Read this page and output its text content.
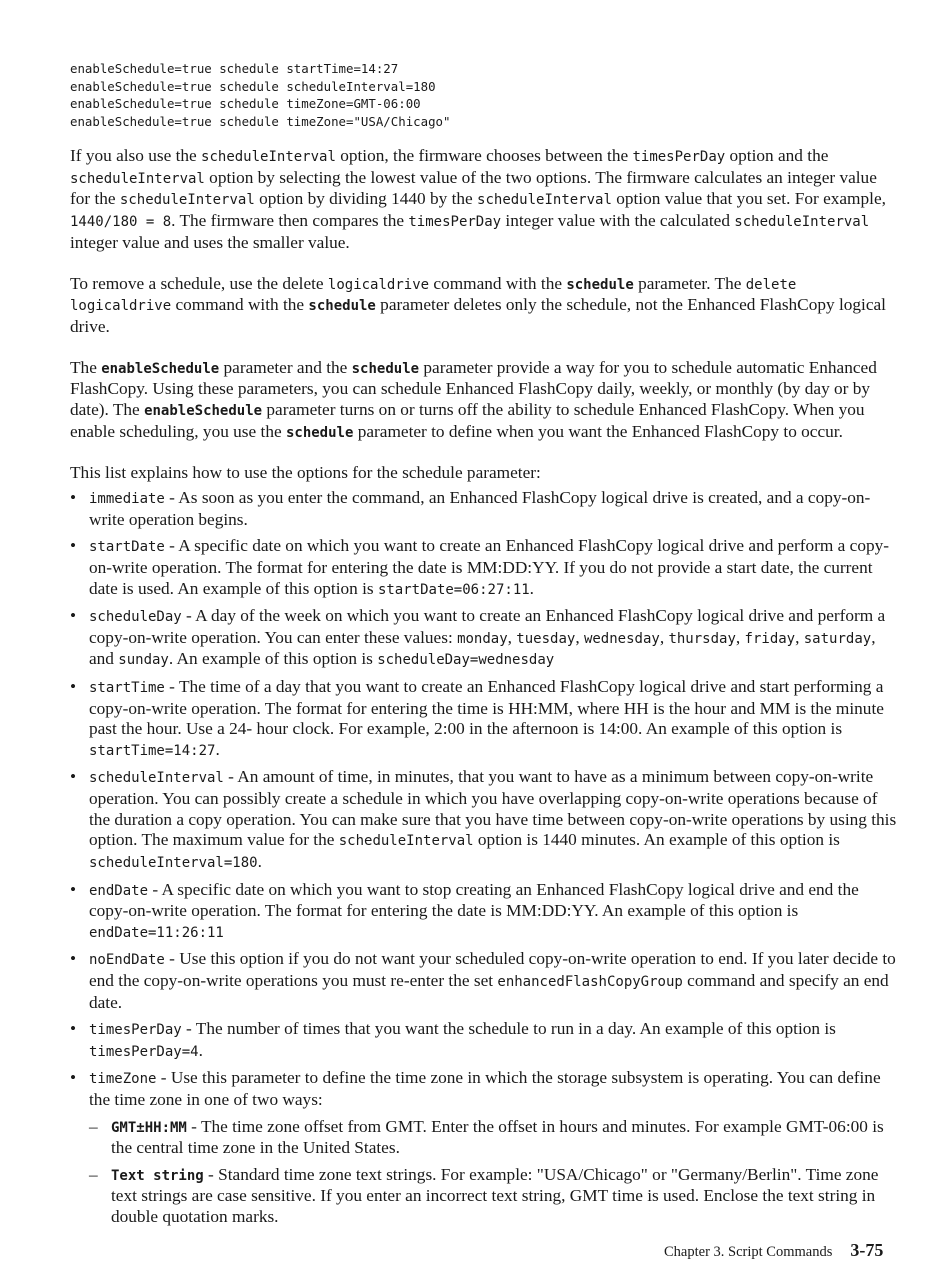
enableSchedule=true schedule startTime=14:27
enableSchedule=true schedule scheduleInterval=180
enableSchedule=true schedule timeZone=GMT-06:00
enableSchedule=true schedule timeZone="USA/Chicago"

If you also use the scheduleInterval option, the firmware chooses between the timesPerDay option and the scheduleInterval option by selecting the lowest value of the two options. The firmware calculates an integer value for the scheduleInterval option by dividing 1440 by the scheduleInterval option value that you set. For example, 1440/180 = 8. The firmware then compares the timesPerDay integer value with the calculated scheduleInterval integer value and uses the smaller value.

To remove a schedule, use the delete logicaldrive command with the schedule parameter. The delete logicaldrive command with the schedule parameter deletes only the schedule, not the Enhanced FlashCopy logical drive.

The enableSchedule parameter and the schedule parameter provide a way for you to schedule automatic Enhanced FlashCopy. Using these parameters, you can schedule Enhanced FlashCopy daily, weekly, or monthly (by day or by date). The enableSchedule parameter turns on or turns off the ability to schedule Enhanced FlashCopy. When you enable scheduling, you use the schedule parameter to define when you want the Enhanced FlashCopy to occur.

This list explains how to use the options for the schedule parameter:

• immediate - As soon as you enter the command, an Enhanced FlashCopy logical drive is created, and a copy-on-write operation begins.
• startDate - A specific date on which you want to create an Enhanced FlashCopy logical drive and perform a copy-on-write operation. The format for entering the date is MM:DD:YY. If you do not provide a start date, the current date is used. An example of this option is startDate=06:27:11.
• scheduleDay - A day of the week on which you want to create an Enhanced FlashCopy logical drive and perform a copy-on-write operation. You can enter these values: monday, tuesday, wednesday, thursday, friday, saturday, and sunday. An example of this option is scheduleDay=wednesday
• startTime - The time of a day that you want to create an Enhanced FlashCopy logical drive and start performing a copy-on-write operation. The format for entering the time is HH:MM, where HH is the hour and MM is the minute past the hour. Use a 24- hour clock. For example, 2:00 in the afternoon is 14:00. An example of this option is startTime=14:27.
• scheduleInterval - An amount of time, in minutes, that you want to have as a minimum between copy-on-write operation. You can possibly create a schedule in which you have overlapping copy-on-write operations because of the duration a copy operation. You can make sure that you have time between copy-on-write operations by using this option. The maximum value for the scheduleInterval option is 1440 minutes. An example of this option is scheduleInterval=180.
• endDate - A specific date on which you want to stop creating an Enhanced FlashCopy logical drive and end the copy-on-write operation. The format for entering the date is MM:DD:YY. An example of this option is endDate=11:26:11
• noEndDate - Use this option if you do not want your scheduled copy-on-write operation to end. If you later decide to end the copy-on-write operations you must re-enter the set enhancedFlashCopyGroup command and specify an end date.
• timesPerDay - The number of times that you want the schedule to run in a day. An example of this option is timesPerDay=4.
• timeZone - Use this parameter to define the time zone in which the storage subsystem is operating. You can define the time zone in one of two ways:
– GMT±HH:MM - The time zone offset from GMT. Enter the offset in hours and minutes. For example GMT-06:00 is the central time zone in the United States.
– Text string - Standard time zone text strings. For example: "USA/Chicago" or "Germany/Berlin". Time zone text strings are case sensitive. If you enter an incorrect text string, GMT time is used. Enclose the text string in double quotation marks.
Chapter 3. Script Commands 3-75
